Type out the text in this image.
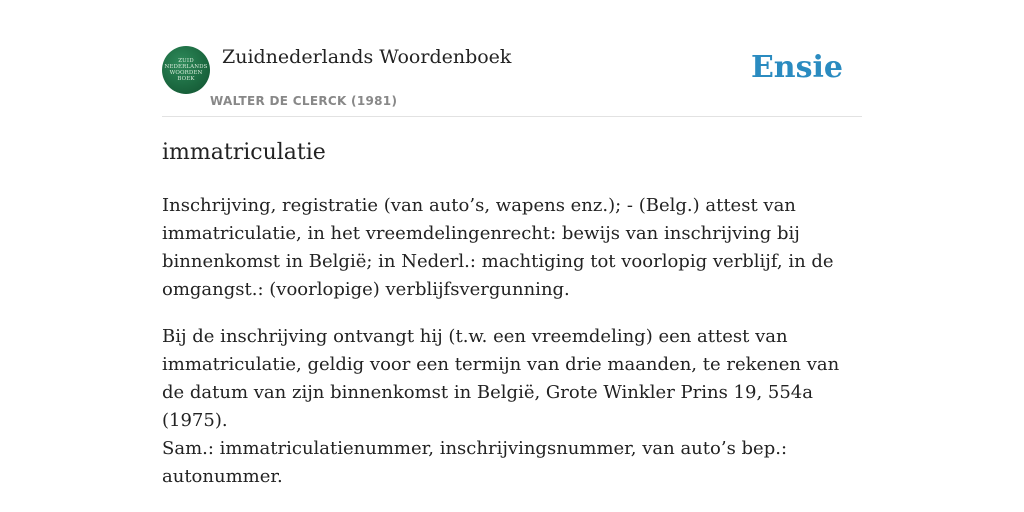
ZUID
NEDERLANDS
WOORDEN
BOEK
Zuidnederlands Woordenboek
WALTER DE CLERCK (1981)
Ensie
immatriculatie

Inschrijving, registratie (van auto’s, wapens enz.); - (Belg.) attest van immatriculatie, in het vreemdelingenrecht: bewijs van inschrijving bij binnenkomst in België; in Nederl.: machtiging tot voorlopig verblijf, in de omgangst.: (voorlopige) verblijfsvergunning.

Bij de inschrijving ontvangt hij (t.w. een vreemdeling) een attest van immatriculatie, geldig voor een termijn van drie maanden, te rekenen van de datum van zijn binnenkomst in België, Grote Winkler Prins 19, 554a (1975).

Sam.: immatriculatienummer, inschrijvingsnummer, van auto’s bep.: autonummer.
